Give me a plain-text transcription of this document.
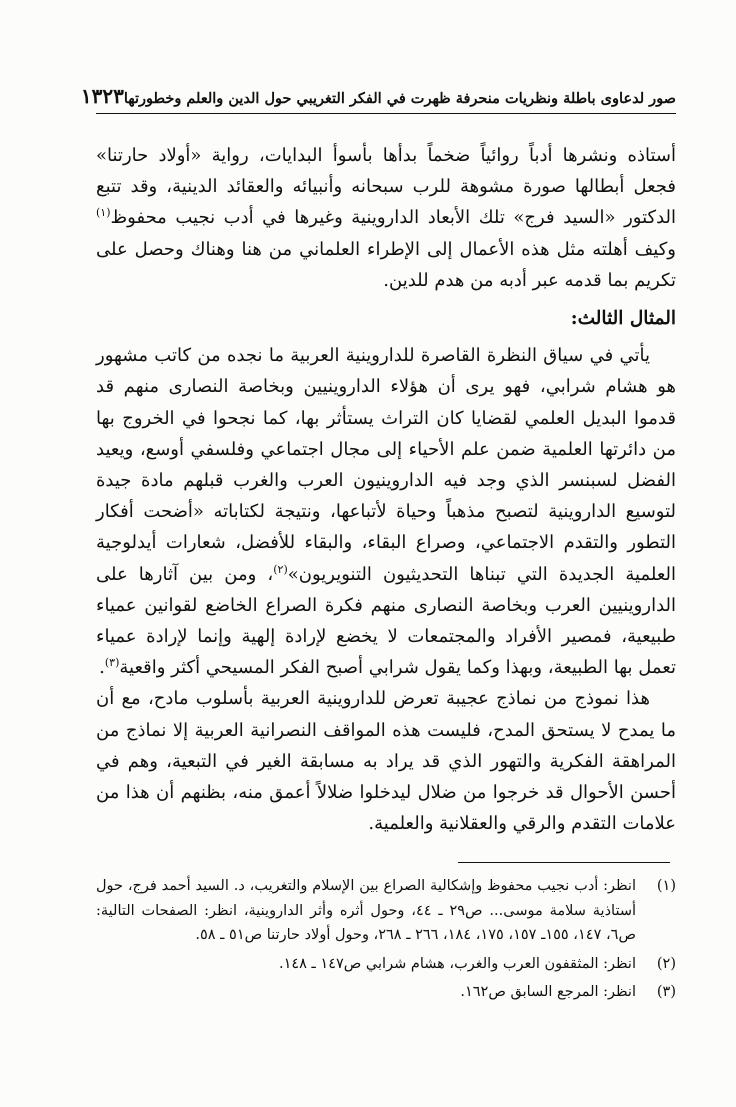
صور لدعاوى باطلة ونظريات منحرفة ظهرت في الفكر التغريبي حول الدين والعلم وخطورتها
١٣٢٣

أستاذه ونشرها أدباً روائياً ضخماً بدأها بأسوأ البدايات، رواية «أولاد حارتنا» فجعل أبطالها صورة مشوهة للرب سبحانه وأنبيائه والعقائد الدينية، وقد تتبع الدكتور «السيد فرج» تلك الأبعاد الداروينية وغيرها في أدب نجيب محفوظ$^{(١)}$ وكيف أهلته مثل هذه الأعمال إلى الإطراء العلماني من هنا وهناك وحصل على تكريم بما قدمه عبر أدبه من هدم للدين.

المثال الثالث:

يأتي في سياق النظرة القاصرة للداروينية العربية ما نجده من كاتب مشهور هو هشام شرابي، فهو يرى أن هؤلاء الداروينيين وبخاصة النصارى منهم قد قدموا البديل العلمي لقضايا كان التراث يستأثر بها، كما نجحوا في الخروج بها من دائرتها العلمية ضمن علم الأحياء إلى مجال اجتماعي وفلسفي أوسع، ويعيد الفضل لسبنسر الذي وجد فيه الداروينيون العرب والغرب قبلهم مادة جيدة لتوسيع الداروينية لتصبح مذهباً وحياة لأتباعها، ونتيجة لكتاباته «أضحت أفكار التطور والتقدم الاجتماعي، وصراع البقاء، والبقاء للأفضل، شعارات أيدلوجية العلمية الجديدة التي تبناها التحديثيون التنويريون»$^{(٢)}$، ومن بين آثارها على الداروينيين العرب وبخاصة النصارى منهم فكرة الصراع الخاضع لقوانين عمياء طبيعية، فمصير الأفراد والمجتمعات لا يخضع لإرادة إلهية وإنما لإرادة عمياء تعمل بها الطبيعة، وبهذا وكما يقول شرابي أصبح الفكر المسيحي أكثر واقعية$^{(٣)}$.

هذا نموذج من نماذج عجيبة تعرض للداروينية العربية بأسلوب مادح، مع أن ما يمدح لا يستحق المدح، فليست هذه المواقف النصرانية العربية إلا نماذج من المراهقة الفكرية والتهور الذي قد يراد به مسابقة الغير في التبعية، وهم في أحسن الأحوال قد خرجوا من ضلال ليدخلوا ضلالاً أعمق منه، بظنهم أن هذا من علامات التقدم والرقي والعقلانية والعلمية.

(١)
انظر: أدب نجيب محفوظ وإشكالية الصراع بين الإسلام والتغريب، د. السيد أحمد فرج، حول أستاذية سلامة موسى... ص٢٩ ـ ٤٤، وحول أثره وأثر الداروينية، انظر: الصفحات التالية: ص٦، ١٤٧، ١٥٥ـ ١٥٧، ١٧٥، ١٨٤، ٢٦٦ ـ ٢٦٨، وحول أولاد حارتنا ص٥١ ـ ٥٨.
(٢)
انظر: المثقفون العرب والغرب، هشام شرابي ص١٤٧ ـ ١٤٨.
(٣)
انظر: المرجع السابق ص١٦٢.
